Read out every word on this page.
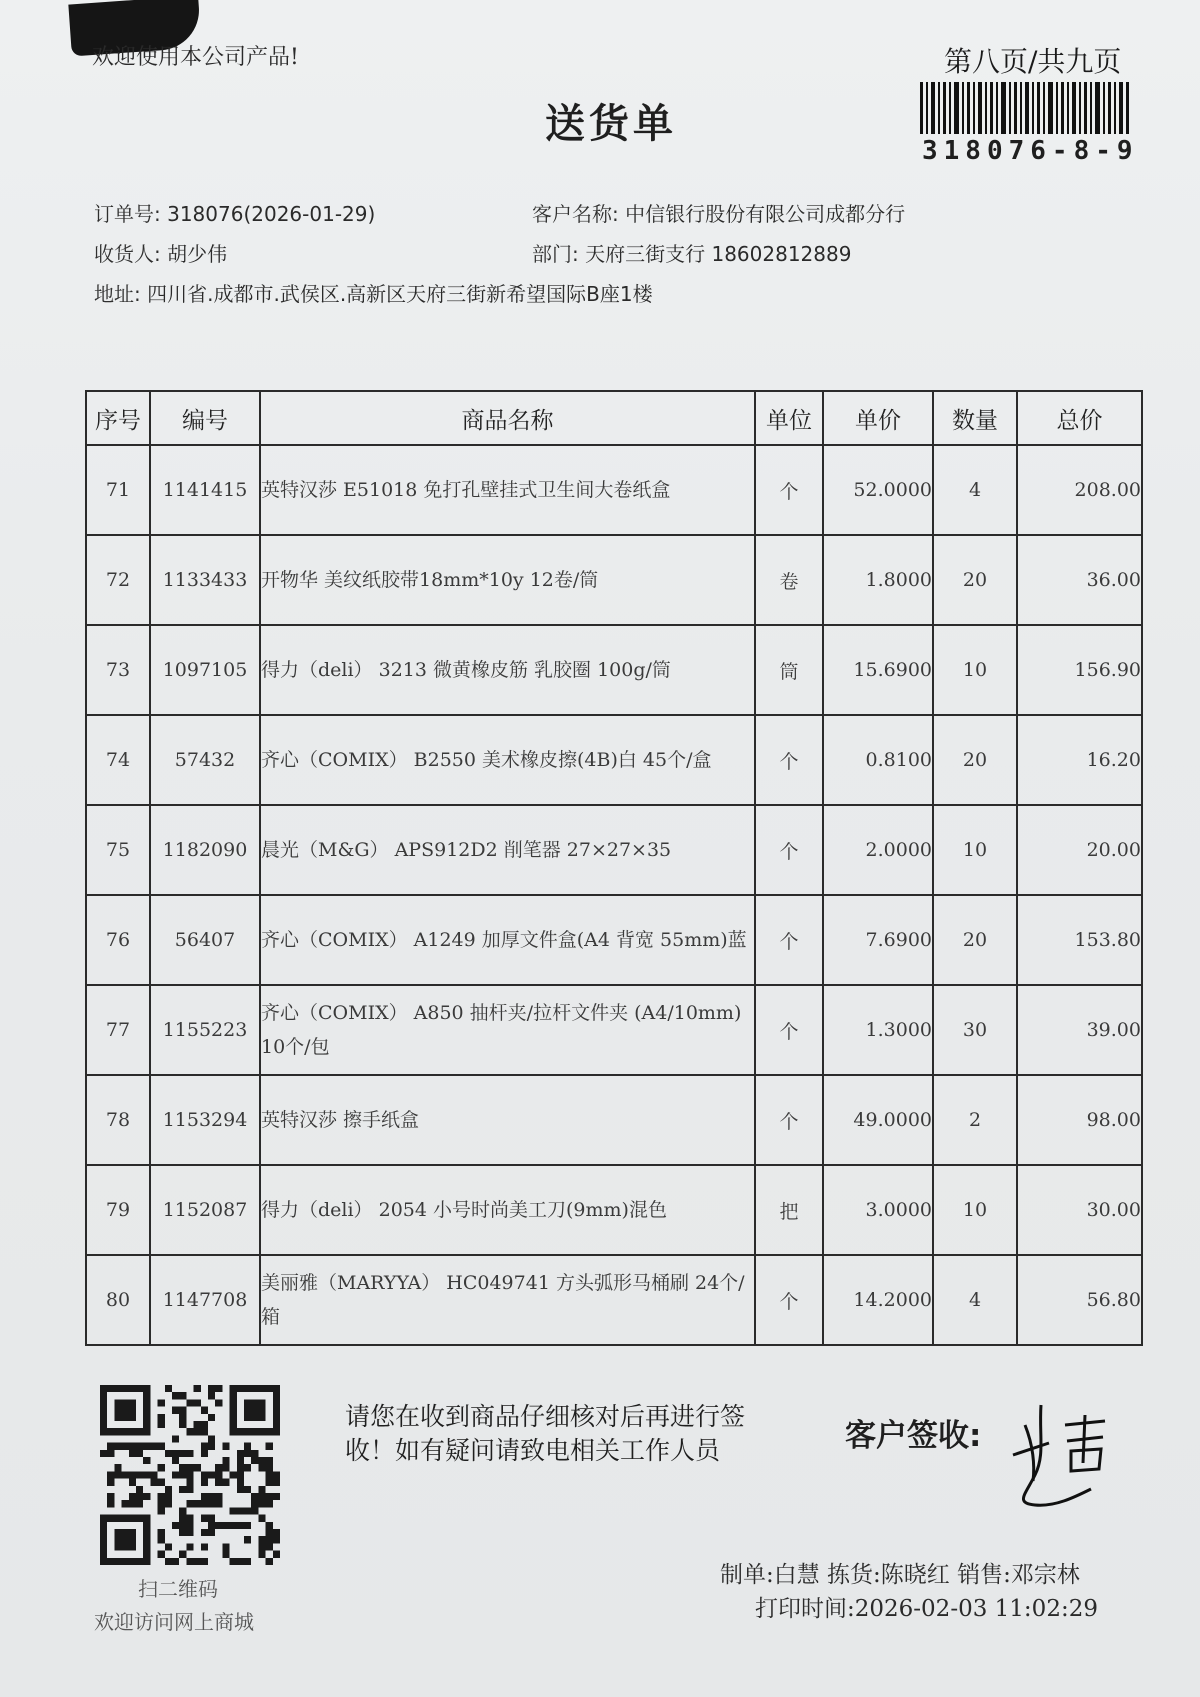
欢迎使用本公司产品!	第八页/共九页
318076-8-9
送货单
订单号: 318076(2026-01-29)	客户名称: 中信银行股份有限公司成都分行
收货人: 胡少伟	部门: 天府三街支行 18602812889
地址: 四川省.成都市.武侯区.高新区天府三街新希望国际B座1楼
序号	编号	商品名称	单位	单价	数量	总价
71	1141415	英特汉莎 E51018 免打孔壁挂式卫生间大卷纸盒	个	52.0000	4	208.00
72	1133433	开物华 美纹纸胶带18mm*10y 12卷/筒	卷	1.8000	20	36.00
73	1097105	得力（deli） 3213 微黄橡皮筋 乳胶圈 100g/筒	筒	15.6900	10	156.90
74	57432	齐心（COMIX） B2550 美术橡皮擦(4B)白 45个/盒	个	0.8100	20	16.20
75	1182090	晨光（M&G） APS912D2 削笔器 27×27×35	个	2.0000	10	20.00
76	56407	齐心（COMIX） A1249 加厚文件盒(A4 背宽 55mm)蓝	个	7.6900	20	153.80
77	1155223	齐心（COMIX） A850 抽杆夹/拉杆文件夹 (A4/10mm) 10个/包	个	1.3000	30	39.00
78	1153294	英特汉莎 擦手纸盒	个	49.0000	2	98.00
79	1152087	得力（deli） 2054 小号时尚美工刀(9mm)混色	把	3.0000	10	30.00
80	1147708	美丽雅（MARYYA） HC049741 方头弧形马桶刷 24个/箱	个	14.2000	4	56.80
扫二维码
欢迎访问网上商城
请您在收到商品仔细核对后再进行签收！如有疑问请致电相关工作人员	客户签收:
制单:白慧 拣货:陈晓红 销售:邓宗林
打印时间:2026-02-03 11:02:29
